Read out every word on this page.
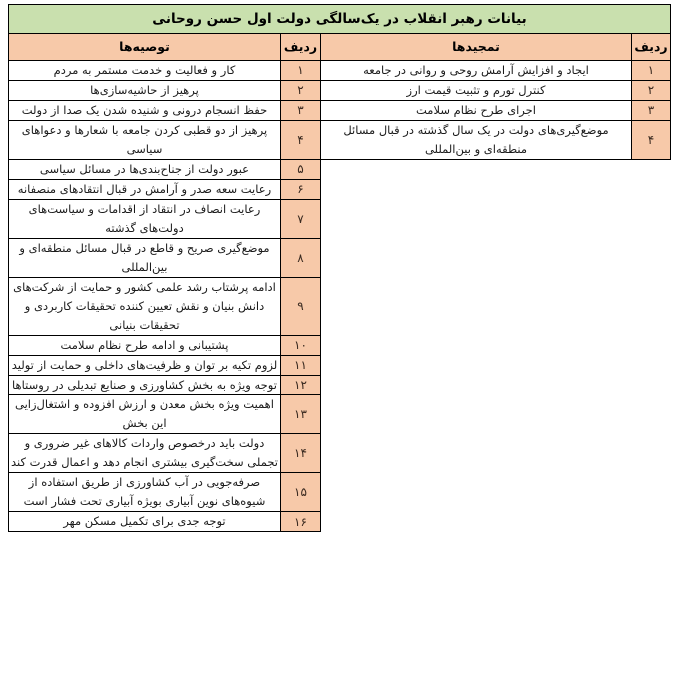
بیانات رهبر انقلاب در یک‌سالگی دولت اول حسن روحانی			
ردیف	تمجیدها	ردیف	توصیه‌ها
۱	ایجاد و افزایش آرامش روحی و روانی در جامعه	۱	کار و فعالیت و خدمت مستمر به مردم
۲	کنترل تورم و تثبیت قیمت ارز	۲	پرهیز از حاشیه‌سازی‌ها
۳	اجرای طرح نظام سلامت	۳	حفظ انسجام درونی و شنیده شدن یک صدا از دولت
۴	موضع‌گیری‌های دولت در یک سال گذشته در قبال مسائل منطقه‌ای و بین‌المللی	۴	پرهیز از دو قطبی کردن جامعه با شعارها و دعواهای سیاسی
		۵	عبور دولت از جناح‌بندی‌ها در مسائل سیاسی
		۶	رعایت سعه صدر و آرامش در قبال انتقادهای منصفانه
		۷	رعایت انصاف در انتقاد از اقدامات و سیاست‌های دولت‌های گذشته
		۸	موضع‌گیری صریح و قاطع در قبال مسائل منطقه‌ای و بین‌المللی
		۹	ادامه پرشتاب رشد علمی کشور و حمایت از شرکت‌های دانش بنیان و نقش تعیین کننده تحقیقات کاربردی و تحقیقات بنیانی
		۱۰	پشتیبانی و ادامه طرح نظام سلامت
		۱۱	لزوم تکیه بر توان و ظرفیت‌های داخلی و حمایت از تولید
		۱۲	توجه ویژه به بخش کشاورزی و صنایع تبدیلی در روستاها
		۱۳	اهمیت ویژه بخش معدن و ارزش افزوده و اشتغال‌زایی این بخش
		۱۴	دولت باید درخصوص واردات کالاهای غیر ضروری و تجملی سخت‌گیری بیشتری انجام دهد و اعمال قدرت کند
		۱۵	صرفه‌جویی در آب کشاورزی از طریق استفاده از شیوه‌های نوین آبیاری بویژه آبیاری تحت فشار است
		۱۶	توجه جدی برای تکمیل مسکن مهر
